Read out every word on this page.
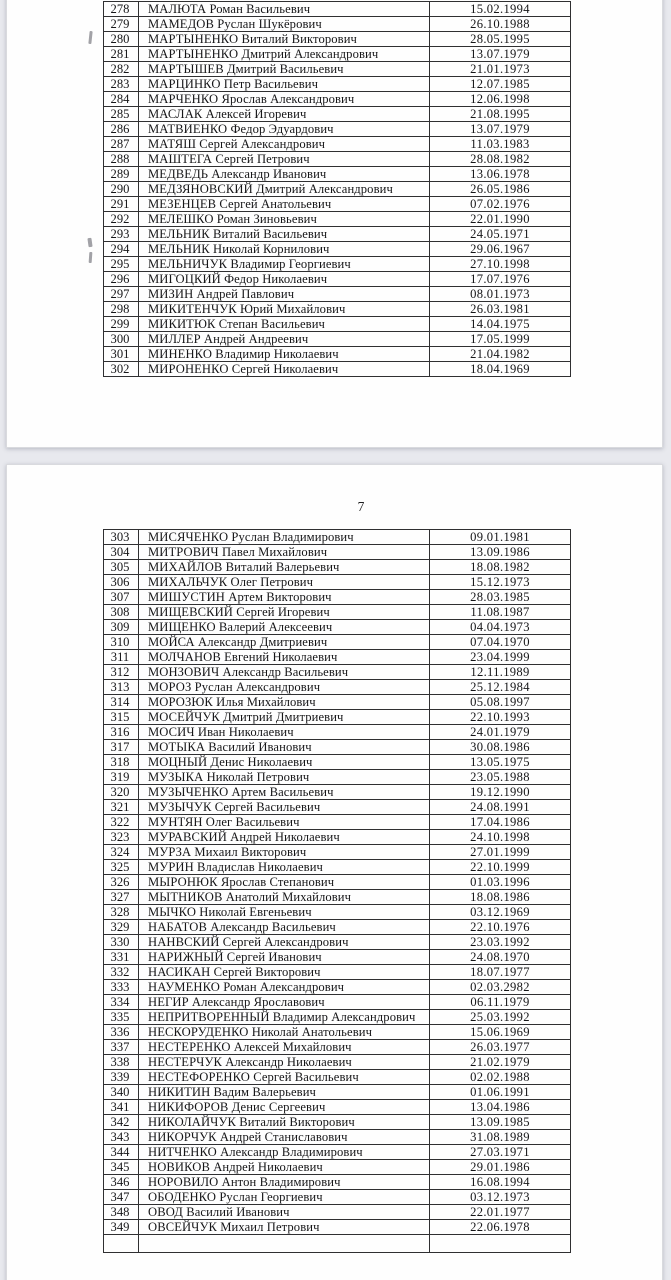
278	МАЛЮТА Роман Васильевич	15.02.1994
279	МАМЕДОВ Руслан Шукёрович	26.10.1988
280	МАРТЫНЕНКО Виталий Викторович	28.05.1995
281	МАРТЫНЕНКО Дмитрий Александрович	13.07.1979
282	МАРТЫШЕВ Дмитрий Васильевич	21.01.1973
283	МАРЦИНКО Петр Васильевич	12.07.1985
284	МАРЧЕНКО Ярослав Александрович	12.06.1998
285	МАСЛАК Алексей Игоревич	21.08.1995
286	МАТВИЕНКО Федор Эдуардович	13.07.1979
287	МАТЯШ Сергей Александрович	11.03.1983
288	МАШТЕГА Сергей Петрович	28.08.1982
289	МЕДВЕДЬ Александр Иванович	13.06.1978
290	МЕДЗЯНОВСКИЙ Дмитрий Александрович	26.05.1986
291	МЕЗЕНЦЕВ Сергей Анатольевич	07.02.1976
292	МЕЛЕШКО Роман Зиновьевич	22.01.1990
293	МЕЛЬНИК Виталий Васильевич	24.05.1971
294	МЕЛЬНИК Николай Корнилович	29.06.1967
295	МЕЛЬНИЧУК Владимир Георгиевич	27.10.1998
296	МИГОЦКИЙ Федор Николаевич	17.07.1976
297	МИЗИН Андрей Павлович	08.01.1973
298	МИКИТЕНЧУК Юрий Михайлович	26.03.1981
299	МИКИТЮК Степан Васильевич	14.04.1975
300	МИЛЛЕР Андрей Андреевич	17.05.1999
301	МИНЕНКО Владимир Николаевич	21.04.1982
302	МИРОНЕНКО Сергей Николаевич	18.04.1969
7
303	МИСЯЧЕНКО Руслан Владимирович	09.01.1981
304	МИТРОВИЧ Павел Михайлович	13.09.1986
305	МИХАЙЛОВ Виталий Валерьевич	18.08.1982
306	МИХАЛЬЧУК Олег Петрович	15.12.1973
307	МИШУСТИН Артем Викторович	28.03.1985
308	МИЩЕВСКИЙ Сергей Игоревич	11.08.1987
309	МИЩЕНКО Валерий Алексеевич	04.04.1973
310	МОЙСА Александр Дмитриевич	07.04.1970
311	МОЛЧАНОВ Евгений Николаевич	23.04.1999
312	МОНЗОВИЧ Александр Васильевич	12.11.1989
313	МОРОЗ Руслан Александрович	25.12.1984
314	МОРОЗЮК Илья Михайлович	05.08.1997
315	МОСЕЙЧУК Дмитрий Дмитриевич	22.10.1993
316	МОСИЧ Иван Николаевич	24.01.1979
317	МОТЫКА Василий Иванович	30.08.1986
318	МОЦНЫЙ Денис Николаевич	13.05.1975
319	МУЗЫКА Николай Петрович	23.05.1988
320	МУЗЫЧЕНКО Артем Васильевич	19.12.1990
321	МУЗЫЧУК Сергей Васильевич	24.08.1991
322	МУНТЯН Олег Васильевич	17.04.1986
323	МУРАВСКИЙ Андрей Николаевич	24.10.1998
324	МУРЗА Михаил Викторович	27.01.1999
325	МУРИН Владислав Николаевич	22.10.1999
326	МЫРОНЮК Ярослав Степанович	01.03.1996
327	МЫТНИКОВ Анатолий Михайлович	18.08.1986
328	МЫЧКО Николай Евгеньевич	03.12.1969
329	НАБАТОВ Александр Васильевич	22.10.1976
330	НАНВСКИЙ Сергей Александрович	23.03.1992
331	НАРИЖНЫЙ Сергей Иванович	24.08.1970
332	НАСИКАН Сергей Викторович	18.07.1977
333	НАУМЕНКО Роман Александрович	02.03.2982
334	НЕГИР Александр Ярославович	06.11.1979
335	НЕПРИТВОРЕННЫЙ Владимир Александрович	25.03.1992
336	НЕСКОРУДЕНКО Николай Анатольевич	15.06.1969
337	НЕСТЕРЕНКО Алексей Михайлович	26.03.1977
338	НЕСТЕРЧУК Александр Николаевич	21.02.1979
339	НЕСТЕФОРЕНКО Сергей Васильевич	02.02.1988
340	НИКИТИН Вадим Валерьевич	01.06.1991
341	НИКИФОРОВ Денис Сергеевич	13.04.1986
342	НИКОЛАЙЧУК Виталий Викторович	13.09.1985
343	НИКОРЧУК Андрей Станиславович	31.08.1989
344	НИТЧЕНКО Александр Владимирович	27.03.1971
345	НОВИКОВ Андрей Николаевич	29.01.1986
346	НОРОВИЛО Антон Владимирович	16.08.1994
347	ОБОДЕНКО Руслан Георгиевич	03.12.1973
348	ОВОД Василий Иванович	22.01.1977
349	ОВСЕЙЧУК Михаил Петрович	22.06.1978
